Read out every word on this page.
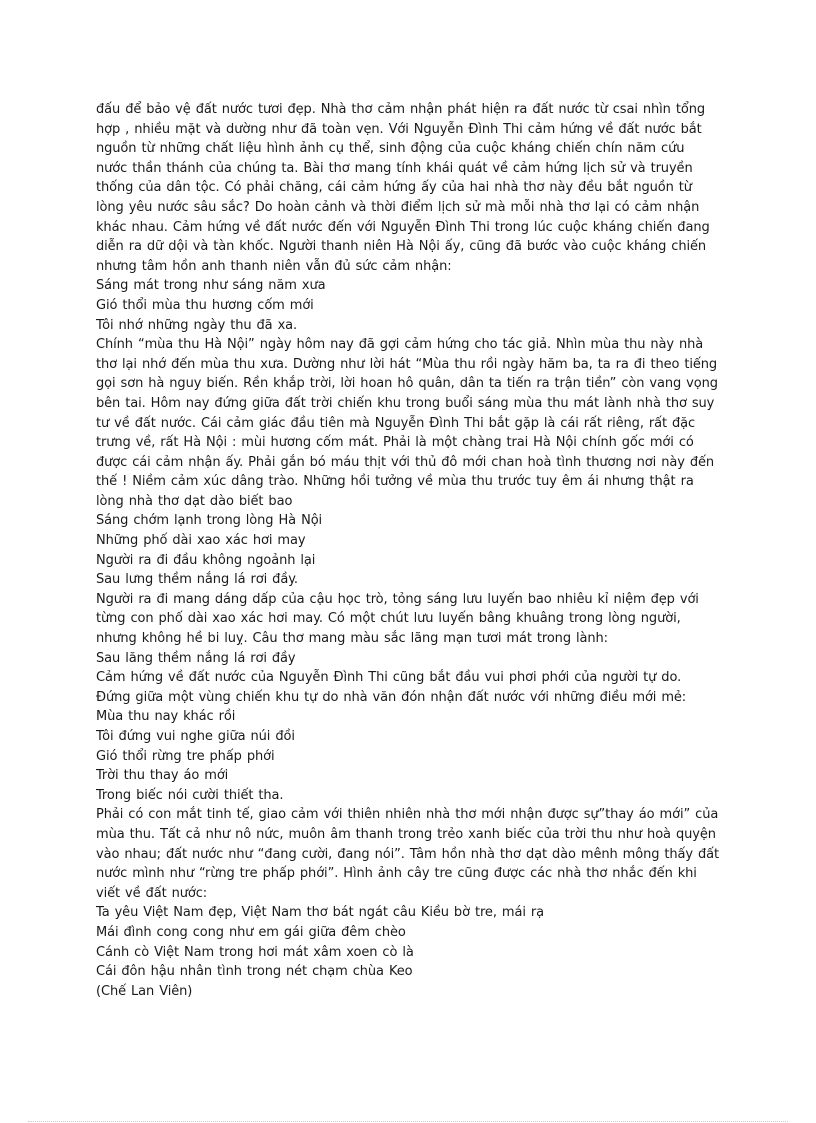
đấu để bảo vệ đất nước tươi đẹp. Nhà thơ cảm nhận phát hiện ra đất nước từ csai nhìn tổng hợp , nhiều mặt và dường như đã toàn vẹn. Với Nguyễn Đình Thi cảm hứng về đất nước bắt nguồn từ những chất liệu hình ảnh cụ thể, sinh động của cuộc kháng chiến chín năm cứu nước thần thánh của chúng ta. Bài thơ mang tính khái quát về cảm hứng lịch sử và truyền thống của dân tộc. Có phải chăng, cái cảm hứng ấy của hai nhà thơ này đều bắt nguồn từ lòng yêu nước sâu sắc? Do hoàn cảnh và thời điểm lịch sử mà mỗi nhà thơ lại có cảm nhận khác nhau. Cảm hứng về đất nước đến với Nguyễn Đình Thi trong lúc cuộc kháng chiến đang diễn ra dữ dội và tàn khốc. Người thanh niên Hà Nội ấy, cũng đã bước vào cuộc kháng chiến nhưng tâm hồn anh thanh niên vẫn đủ sức cảm nhận:

Sáng mát trong như sáng năm xưa

Gió thổi mùa thu hương cốm mới

Tôi nhớ những ngày thu đã xa.

Chính “mùa thu Hà Nội” ngày hôm nay đã gợi cảm hứng cho tác giả. Nhìn mùa thu này nhà thơ lại nhớ đến mùa thu xưa. Dường như lời hát “Mùa thu rồi ngày hăm ba, ta ra đi theo tiếng gọi sơn hà nguy biến. Rền khắp trời, lời hoan hô quân, dân ta tiến ra trận tiền” còn vang vọng bên tai. Hôm nay đứng giữa đất trời chiến khu trong buổi sáng mùa thu mát lành nhà thơ suy tư về đất nước. Cái cảm giác đầu tiên mà Nguyễn Đình Thi bắt gặp là cái rất riêng, rất đặc trưng về, rất Hà Nội : mùi hương cốm mát. Phải là một chàng trai Hà Nội chính gốc mới có được cái cảm nhận ấy. Phải gắn bó máu thịt với thủ đô mới chan hoà tình thương nơi này đến thế ! Niềm cảm xúc dâng trào. Những hồi tưởng về mùa thu trước tuy êm ái nhưng thật ra lòng nhà thơ dạt dào biết bao

Sáng chớm lạnh trong lòng Hà Nội

Những phố dài xao xác hơi may

Người ra đi đầu không ngoảnh lại

Sau lưng thềm nắng lá rơi đầy.

Người ra đi mang dáng dấp của cậu học trò, tỏng sáng lưu luyến bao nhiêu kỉ niệm đẹp với từng con phố dài xao xác hơi may. Có một chút lưu luyến bâng khuâng trong lòng người, nhưng không hề bi luỵ. Câu thơ mang màu sắc lãng mạn tươi mát trong lành:

Sau lăng thềm nắng lá rơi đầy

Cảm hứng về đất nước của Nguyễn Đình Thi cũng bắt đầu vui phơi phới của người tự do. Đứng giữa một vùng chiến khu tự do nhà văn đón nhận đất nước với những điều mới mẻ:

Mùa thu nay khác rồi

Tôi đứng vui nghe giữa núi đồi

Gió thổi rừng tre phấp phới

Trời thu thay áo mới

Trong biếc nói cười thiết tha.

Phải có con mắt tinh tế, giao cảm với thiên nhiên nhà thơ mới nhận được sự”thay áo mới” của mùa thu. Tất cả như nô nức, muôn âm thanh trong trẻo xanh biếc của trời thu như hoà quyện vào nhau; đất nước như “đang cười, đang nói”. Tâm hồn nhà thơ dạt dào mênh mông thấy đất nước mình như “rừng tre phấp phới”. Hình ảnh cây tre cũng được các nhà thơ nhắc đến khi viết về đất nước:

Ta yêu Việt Nam đẹp, Việt Nam thơ bát ngát câu Kiều bờ tre, mái rạ

Mái đình cong cong như em gái giữa đêm chèo

Cánh cò Việt Nam trong hơi mát xâm xoen cò là

Cái đôn hậu nhân tình trong nét chạm chùa Keo

(Chế Lan Viên)
